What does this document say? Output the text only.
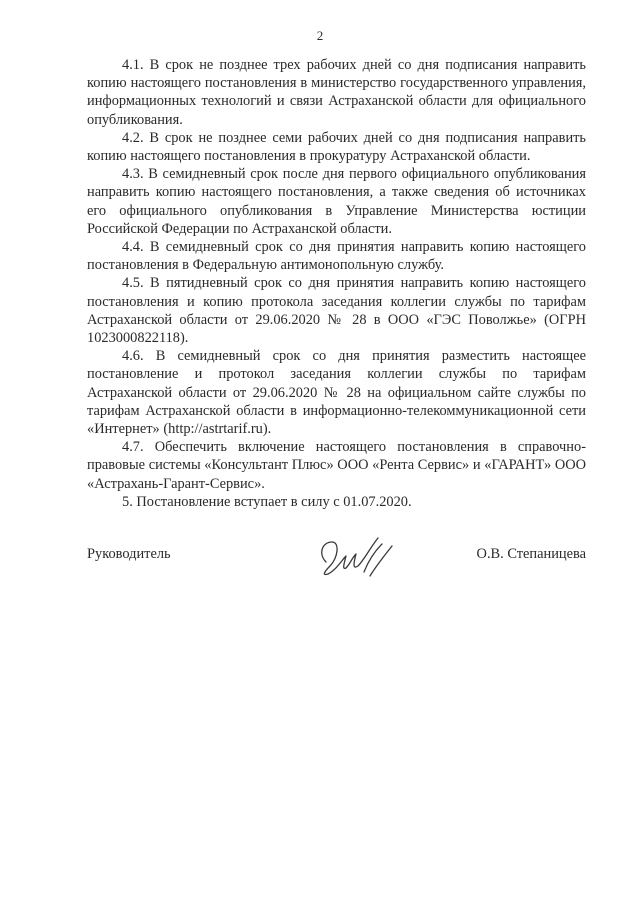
2

4.1. В срок не позднее трех рабочих дней со дня подписания направить копию настоящего постановления в министерство государственного управления, информационных технологий и связи Астраханской области для официального опубликования.

4.2. В срок не позднее семи рабочих дней со дня подписания направить копию настоящего постановления в прокуратуру Астраханской области.

4.3. В семидневный срок после дня первого официального опубликования направить копию настоящего постановления, а также сведения об источниках его официального опубликования в Управление Министерства юстиции Российской Федерации по Астраханской области.

4.4. В семидневный срок со дня принятия направить копию настоящего постановления в Федеральную антимонопольную службу.

4.5. В пятидневный срок со дня принятия направить копию настоящего постановления и копию протокола заседания коллегии службы по тарифам Астраханской области от 29.06.2020 № 28 в ООО «ГЭС Поволжье» (ОГРН 1023000822118).

4.6. В семидневный срок со дня принятия разместить настоящее постановление и протокол заседания коллегии службы по тарифам Астраханской области от 29.06.2020 № 28 на официальном сайте службы по тарифам Астраханской области в информационно-телекоммуникационной сети «Интернет» (http://astrtarif.ru).

4.7. Обеспечить включение настоящего постановления в справочно-правовые системы «Консультант Плюс» ООО «Рента Сервис» и «ГАРАНТ» ООО «Астрахань-Гарант-Сервис».

5. Постановление вступает в силу с 01.07.2020.

Руководитель	О.В. Степаницева
